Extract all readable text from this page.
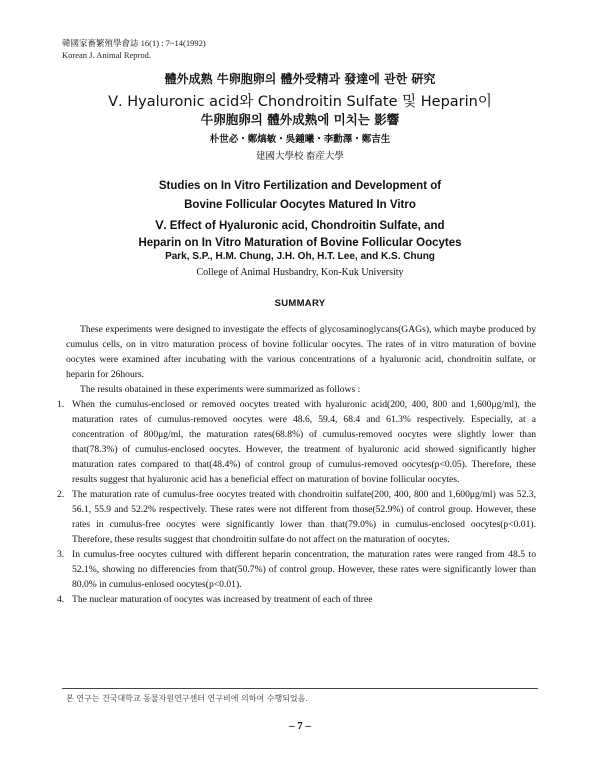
韓國家畜繁殖學會誌 16(1) : 7~14(1992)
Korean J. Animal Reprod.
體外成熟 牛卵胞卵의 體外受精과 發達에 관한 硏究
Ⅴ. Hyaluronic acid와 Chondroitin Sulfate 및 Heparin이
牛卵胞卵의 體外成熟에 미치는 影響
朴世必・鄭熇敏・吳鍾曦・李勳澤・鄭吉生
建國大學校 畜産大學
Studies on In Vitro Fertilization and Development of
Bovine Follicular Oocytes Matured In Vitro
Ⅴ. Effect of Hyaluronic acid, Chondroitin Sulfate, and
Heparin on In Vitro Maturation of Bovine Follicular Oocytes
Park, S.P., H.M. Chung, J.H. Oh, H.T. Lee, and K.S. Chung
College of Animal Husbandry, Kon-Kuk University
SUMMARY

These experiments were designed to investigate the effects of glycosaminoglycans(GAGs), which maybe produced by cumulus cells, on in vitro maturation process of bovine follicular oocytes. The rates of in vitro maturation of bovine oocytes were examined after incubating with the various concentrations of a hyaluronic acid, chondroitin sulfate, or heparin for 26hours.

The results obatained in these experiments were summarized as follows :

1. When the cumulus-enclosed or removed oocytes treated with hyaluronic acid(200, 400, 800 and 1,600μg/ml), the maturation rates of cumulus-removed oocytes were 48.6, 59.4, 68.4 and 61.3% respectively. Especially, at a concentration of 800μg/ml, the maturation rates(68.8%) of cumulus-removed oocytes were slightly lower than that(78.3%) of cumulus-enclosed oocytes. However, the treatment of hyaluronic acid showed significantly higher maturation rates compared to that(48.4%) of control group of cumulus-removed oocytes(p<0.05). Therefore, these results suggest that hyaluronic acid has a beneficial effect on maturation of bovine follicular oocytes.
2. The maturation rate of cumulus-free oocytes treated with chondroitin sulfate(200, 400, 800 and 1,600μg/ml) was 52.3, 56.1, 55.9 and 52.2% respectively. These rates were not different from those(52.9%) of control group. However, these rates in cumulus-free oocytes were significantly lower than that(79.0%) in cumulus-enclosed oocytes(p<0.01). Therefore, these results suggest that chondroitin sulfate do not affect on the maturation of oocytes.
3. In cumulus-free oocytes cultured with different heparin concentration, the maturation rates were ranged from 48.5 to 52.1%, showing no differencies from that(50.7%) of control group. However, these rates were significantly lower than 80.0% in cumulus-enlosed oocytes(p<0.01).
4. The nuclear maturation of oocytes was increased by treatment of each of three
본 연구는 건국대학교 동물자원연구센터 연구비에 의하여 수행되었음.
– 7 –
